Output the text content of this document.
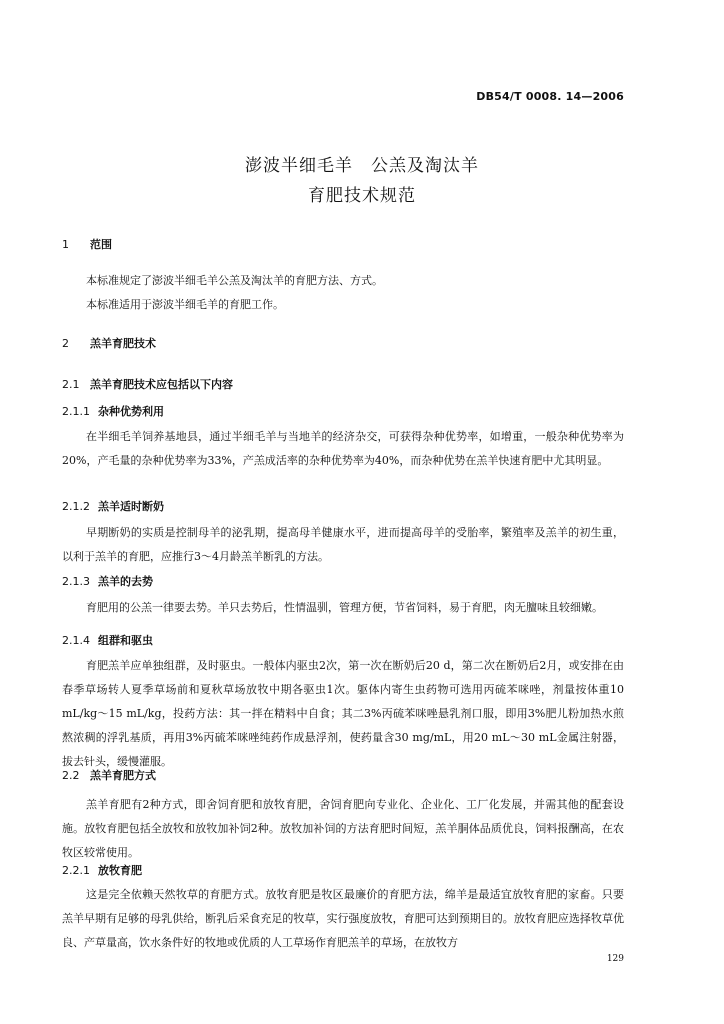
DB54/T 0008. 14—2006
澎波半细毛羊　公羔及淘汰羊
育肥技术规范
1 范围
本标准规定了澎波半细毛羊公羔及淘汰羊的育肥方法、方式。
本标准适用于澎波半细毛羊的育肥工作。
2 羔羊育肥技术
2.1 羔羊育肥技术应包括以下内容
2.1.1 杂种优势利用
在半细毛羊饲养基地县，通过半细毛羊与当地羊的经济杂交，可获得杂种优势率，如增重，一般杂种优势率为20%，产毛量的杂种优势率为33%，产羔成活率的杂种优势率为40%，而杂种优势在羔羊快速育肥中尤其明显。
2.1.2 羔羊适时断奶
早期断奶的实质是控制母羊的泌乳期，提高母羊健康水平，进而提高母羊的受胎率，繁殖率及羔羊的初生重，以利于羔羊的育肥，应推行3～4月龄羔羊断乳的方法。
2.1.3 羔羊的去势
育肥用的公羔一律要去势。羊只去势后，性情温驯，管理方便，节省饲料，易于育肥，肉无膻味且较细嫩。
2.1.4 组群和驱虫
育肥羔羊应单独组群，及时驱虫。一般体内驱虫2次，第一次在断奶后20 d，第二次在断奶后2月，或安排在由春季草场转人夏季草场前和夏秋草场放牧中期各驱虫1次。躯体内寄生虫药物可选用丙硫苯咪唑，剂量按体重10 mL/kg～15 mL/kg，投药方法：其一拌在精料中自食；其二3%丙硫苯咪唑悬乳剂口服，即用3%肥儿粉加热水煎熬浓稠的浮乳基质，再用3%丙硫苯咪唑纯药作成悬浮剂，使药量含30 mg/mL，用20 mL～30 mL金属注射器，拔去针头，缓慢灌服。
2.2 羔羊育肥方式
羔羊育肥有2种方式，即舍饲育肥和放牧育肥，舍饲育肥向专业化、企业化、工厂化发展，并需其他的配套设施。放牧育肥包括全放牧和放牧加补饲2种。放牧加补饲的方法育肥时间短，羔羊胴体品质优良，饲料报酬高，在农牧区较常使用。
2.2.1 放牧育肥
这是完全依赖天然牧草的育肥方式。放牧育肥是牧区最廉价的育肥方法，绵羊是最适宜放牧育肥的家畜。只要羔羊早期有足够的母乳供给，断乳后采食充足的牧草，实行强度放牧，育肥可达到预期目的。放牧育肥应选择牧草优良、产草量高，饮水条件好的牧地或优质的人工草场作育肥羔羊的草场，在放牧方
129
